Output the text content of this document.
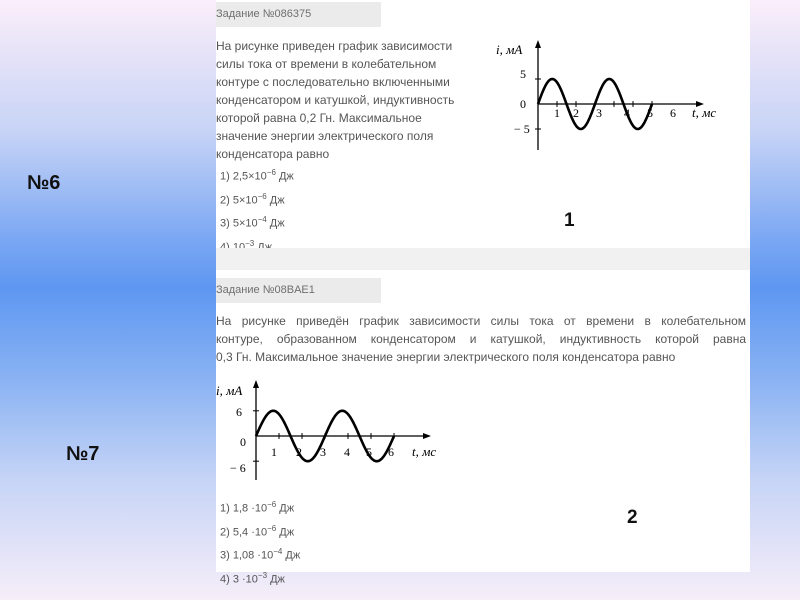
№6
№7
Задание №086375
На рисунке приведен график зависимости
силы тока от времени в колебательном
контуре с последовательно включенными
конденсатором и катушкой, индуктивность
которой равна 0,2 Гн. Максимальное
значение энергии электрического поля
конденсатора равно
1) $2,5\times 10^{-6}$ Дж
2) $5\times 10^{-6}$ Дж
3) $5\times 10^{-4}$ Дж
$^{-3}$
i, мА
t, мс
5
0
− 5
1 2 3 4 5 6
1
Задание №08BAE1
На рисунке приведён график зависимости силы тока от времени в колебательном
контуре, образованном конденсатором и катушкой, индуктивность которой равна
0,3 Гн. Максимальное значение энергии электрического поля конденсатора равно
i, мА
t, мс
6
0
− 6
1 2 3 4 5 6
1) $1,8 \cdot 10^{-6}$ Дж
2) $5,4 \cdot 10^{-6}$ Дж
3) $1,08 \cdot 10^{-4}$ Дж
4) $3 \cdot 10^{-3}$ Дж
2
